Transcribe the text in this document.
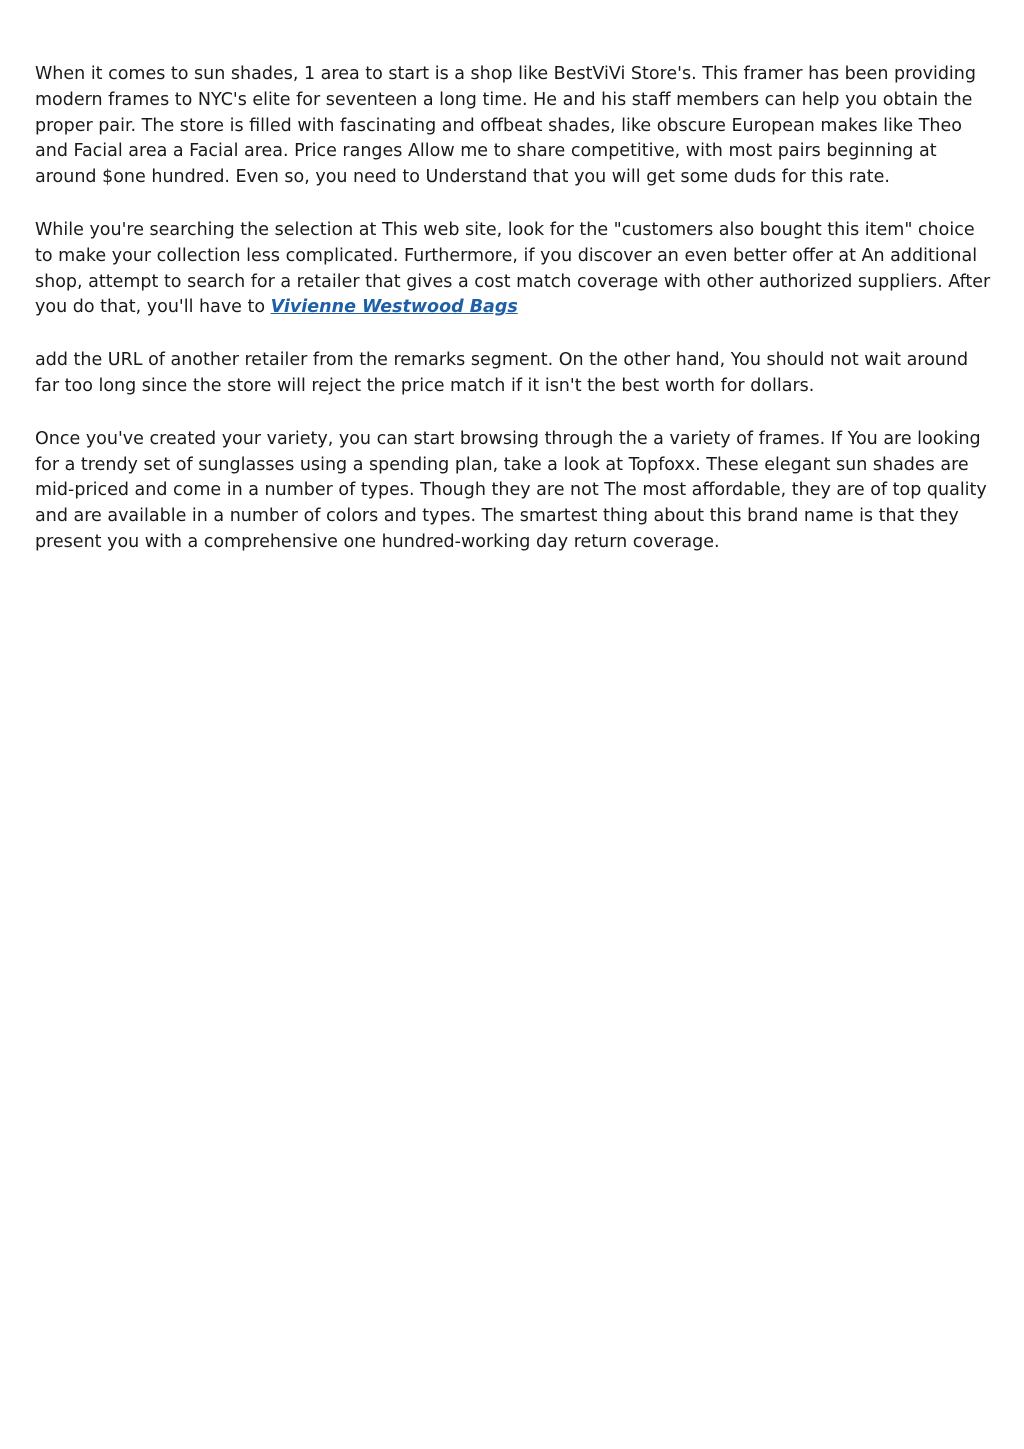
When it comes to sun shades, 1 area to start is a shop like BestViVi Store's. This framer has been providing modern frames to NYC's elite for seventeen a long time. He and his staff members can help you obtain the proper pair. The store is filled with fascinating and offbeat shades, like obscure European makes like Theo and Facial area a Facial area. Price ranges Allow me to share competitive, with most pairs beginning at around $one hundred. Even so, you need to Understand that you will get some duds for this rate.

While you're searching the selection at This web site, look for the "customers also bought this item" choice to make your collection less complicated. Furthermore, if you discover an even better offer at An additional shop, attempt to search for a retailer that gives a cost match coverage with other authorized suppliers. After you do that, you'll have to Vivienne Westwood Bags

add the URL of another retailer from the remarks segment. On the other hand, You should not wait around far too long since the store will reject the price match if it isn't the best worth for dollars.

Once you've created your variety, you can start browsing through the a variety of frames. If You are looking for a trendy set of sunglasses using a spending plan, take a look at Topfoxx. These elegant sun shades are mid-priced and come in a number of types. Though they are not The most affordable, they are of top quality and are available in a number of colors and types. The smartest thing about this brand name is that they present you with a comprehensive one hundred-working day return coverage.
